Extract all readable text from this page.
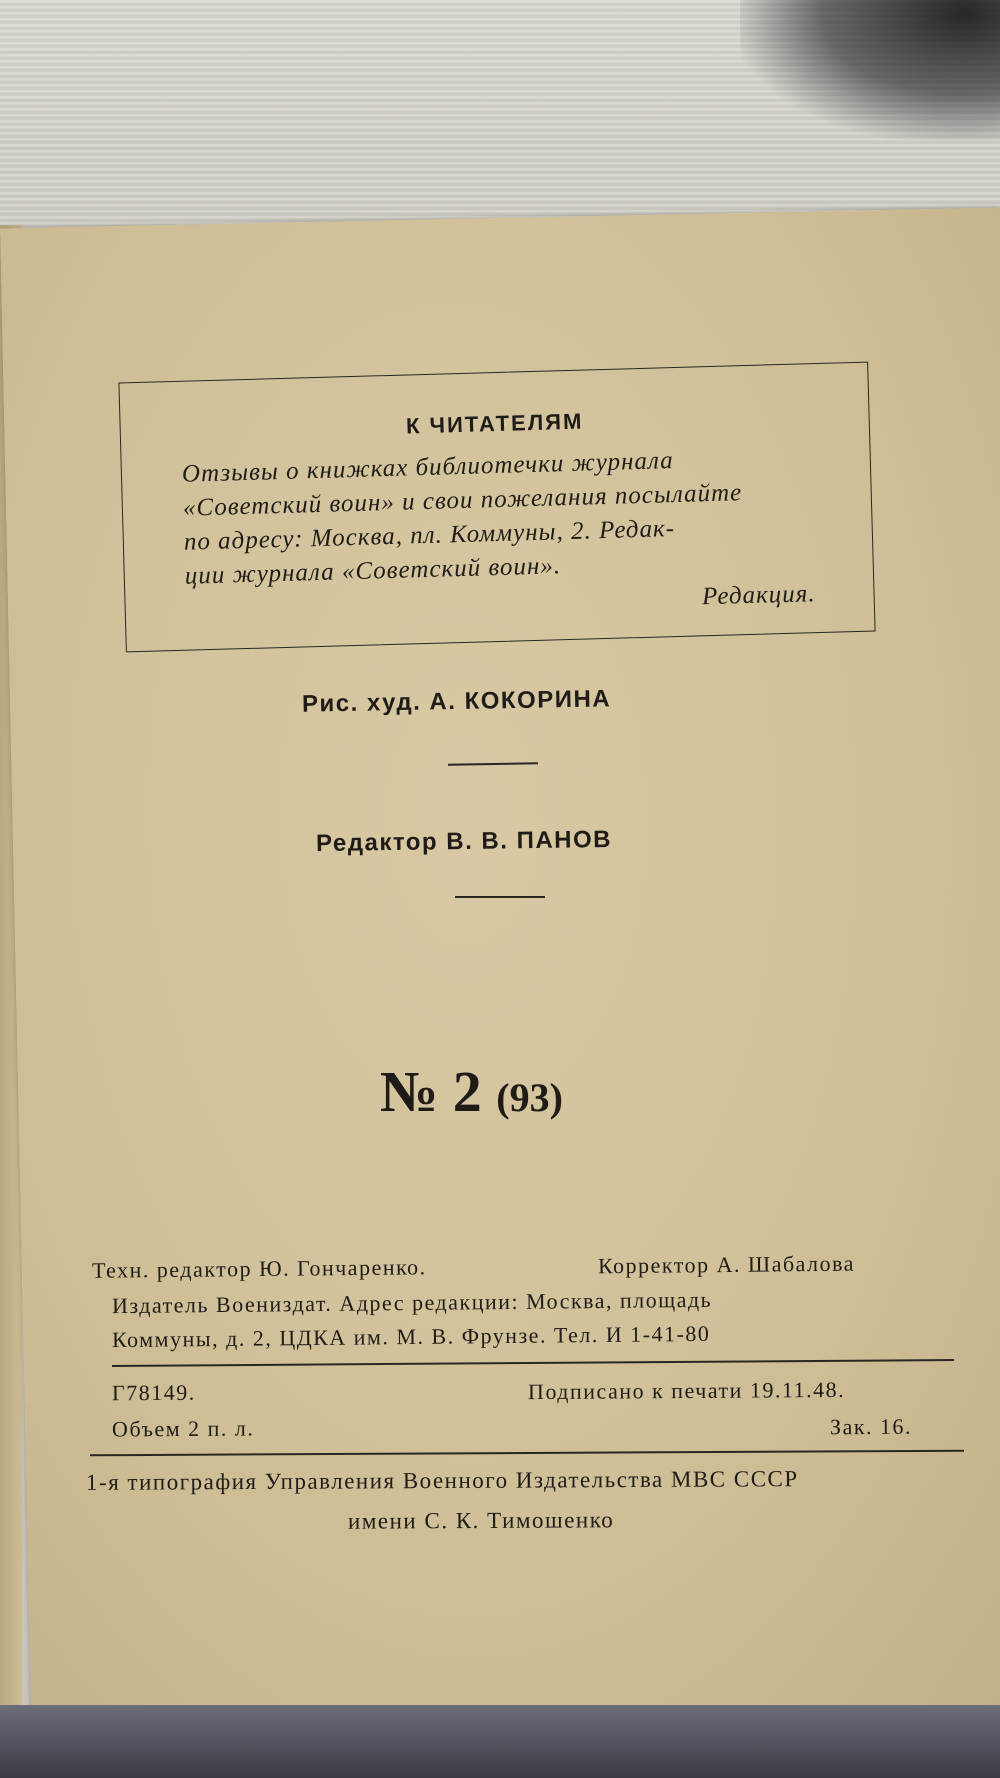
К ЧИТАТЕЛЯМ
Отзывы о книжках библиотечки журнала
«Советский воин» и свои пожелания посылайте
по адресу: Москва, пл. Коммуны, 2. Редак-
ции журнала «Советский воин».
Редакция.
Рис. худ. А. КОКОРИНА
Редактор В. В. ПАНОВ
№ 2 (93)
Техн. редактор Ю. Гончаренко.	Корректор А. Шабалова
Издатель Воениздат. Адрес редакции: Москва, площадь
Коммуны, д. 2, ЦДКА им. М. В. Фрунзе. Тел. И 1-41-80
Г78149.	Подписано к печати 19.11.48.
Объем 2 п. л.	Зак. 16.
1-я типография Управления Военного Издательства МВС СССР
имени С. К. Тимошенко
